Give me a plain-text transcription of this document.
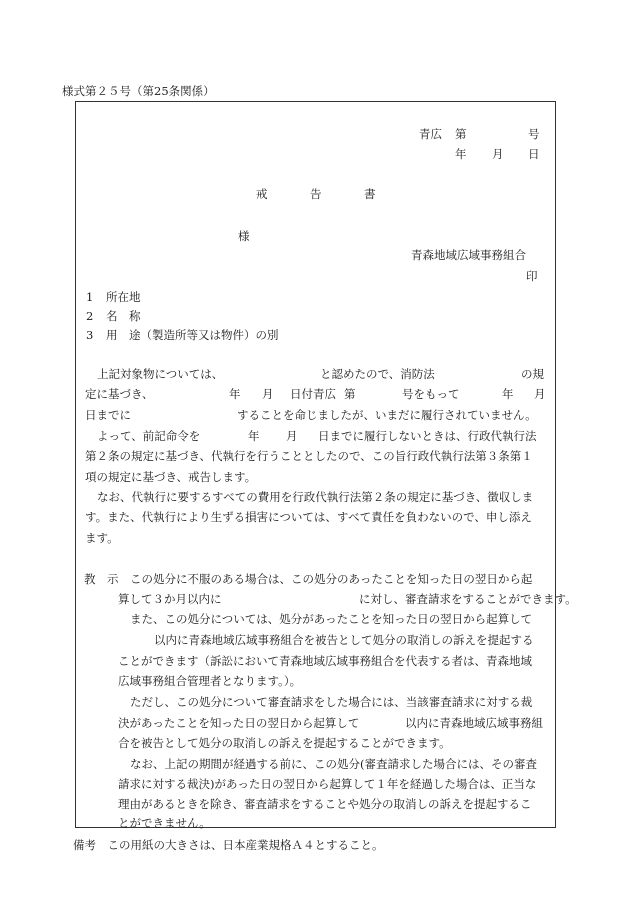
様式第２５号（第25条関係）
青広 第	号
年 月 日
戒	告	書
様
青森地域広域事務組合
印
1 所在地
2 名　称
3 用　途（製造所等又は物件）の別
上記対象物については、	と認めたので、消防法	の規
定に基づき、	年 月 日付青広 第	号をもって	年 月
日までに	することを命じましたが、いまだに履行されていません。
よって、前記命令を	年 月 日までに履行しないときは、行政代執行法
第２条の規定に基づき、代執行を行うこととしたので、この旨行政代執行法第３条第１
項の規定に基づき、戒告します。
なお、代執行に要するすべての費用を行政代執行法第２条の規定に基づき、徴収しま
す。また、代執行により生ずる損害については、すべて責任を負わないので、申し添え
ます。
教　示 この処分に不服のある場合は、この処分のあったことを知った日の翌日から起
算して３か月以内に	に対し、審査請求をすることができます。
また、この処分については、処分があったことを知った日の翌日から起算して
以内に青森地域広域事務組合を被告として処分の取消しの訴えを提起する
ことができます（訴訟において青森地域広域事務組合を代表する者は、青森地域
広域事務組合管理者となります。）。
ただし、この処分について審査請求をした場合には、当該審査請求に対する裁
決があったことを知った日の翌日から起算して	以内に青森地域広域事務組
合を被告として処分の取消しの訴えを提起することができます。
なお、上記の期間が経過する前に、この処分(審査請求した場合には、その審査
請求に対する裁決)があった日の翌日から起算して１年を経過した場合は、正当な
理由があるときを除き、審査請求をすることや処分の取消しの訴えを提起するこ
とができません。
備考　この用紙の大きさは、日本産業規格Ａ４とすること。
